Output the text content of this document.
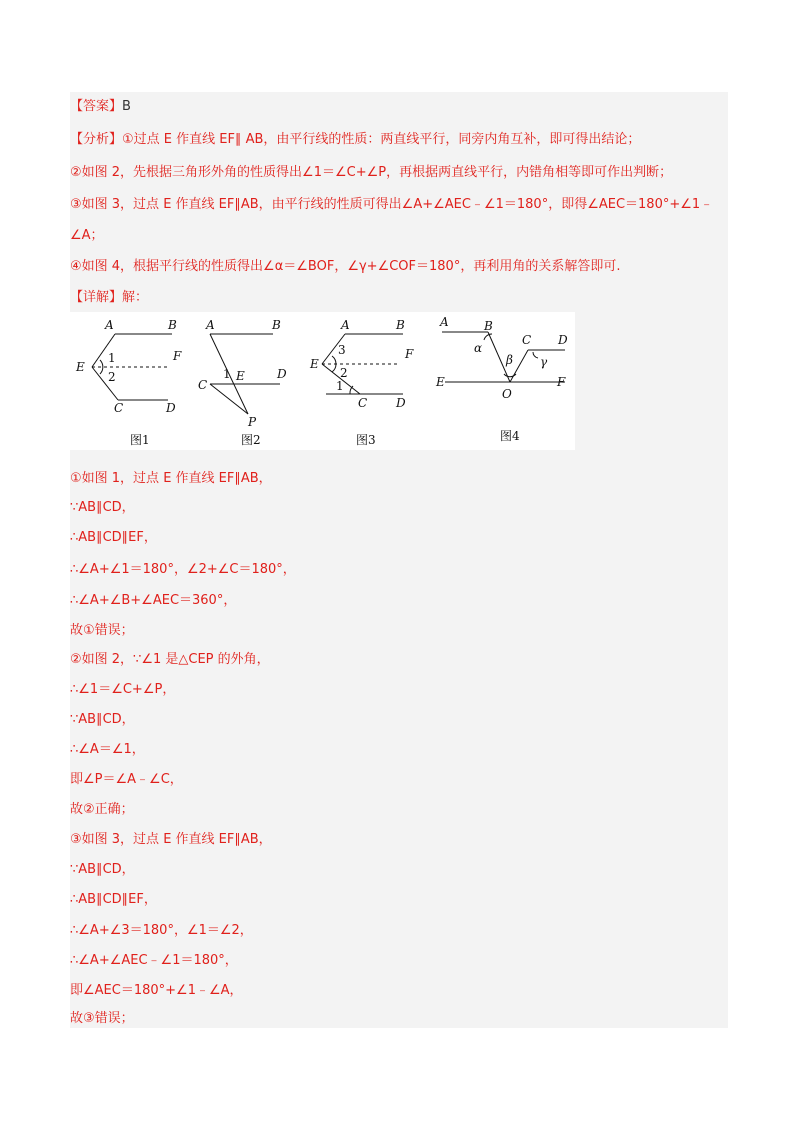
【答案】B
【分析】①过点 E 作直线 EF∥ AB，由平行线的性质：两直线平行，同旁内角互补，即可得出结论；
②如图 2，先根据三角形外角的性质得出∠1＝∠C+∠P，再根据两直线平行，内错角相等即可作出判断；
③如图 3，过点 E 作直线 EF∥AB，由平行线的性质可得出∠A+∠AEC﹣∠1＝180°，即得∠AEC＝180°+∠1﹣
∠A；
④如图 4，根据平行线的性质得出∠α＝∠BOF，∠γ+∠COF＝180°，再利用角的关系解答即可.
【详解】解：
A	B
E
F
C	D
1
2
A	B
C
D
E
P
1
A	B
E
F
C D
1
2
3
A	B
C D
E	F
O
α
β γ
图1	图2	图3	图4
①如图 1，过点 E 作直线 EF∥AB，
∵AB∥CD，
∴AB∥CD∥EF，
∴∠A+∠1＝180°，∠2+∠C＝180°，
∴∠A+∠B+∠AEC＝360°，
故①错误；
②如图 2，∵∠1 是△CEP 的外角，
∴∠1＝∠C+∠P，
∵AB∥CD，
∴∠A＝∠1，
即∠P＝∠A﹣∠C，
故②正确；
③如图 3，过点 E 作直线 EF∥AB，
∵AB∥CD，
∴AB∥CD∥EF，
∴∠A+∠3＝180°，∠1＝∠2，
∴∠A+∠AEC﹣∠1＝180°，
即∠AEC＝180°+∠1﹣∠A，
故③错误；
